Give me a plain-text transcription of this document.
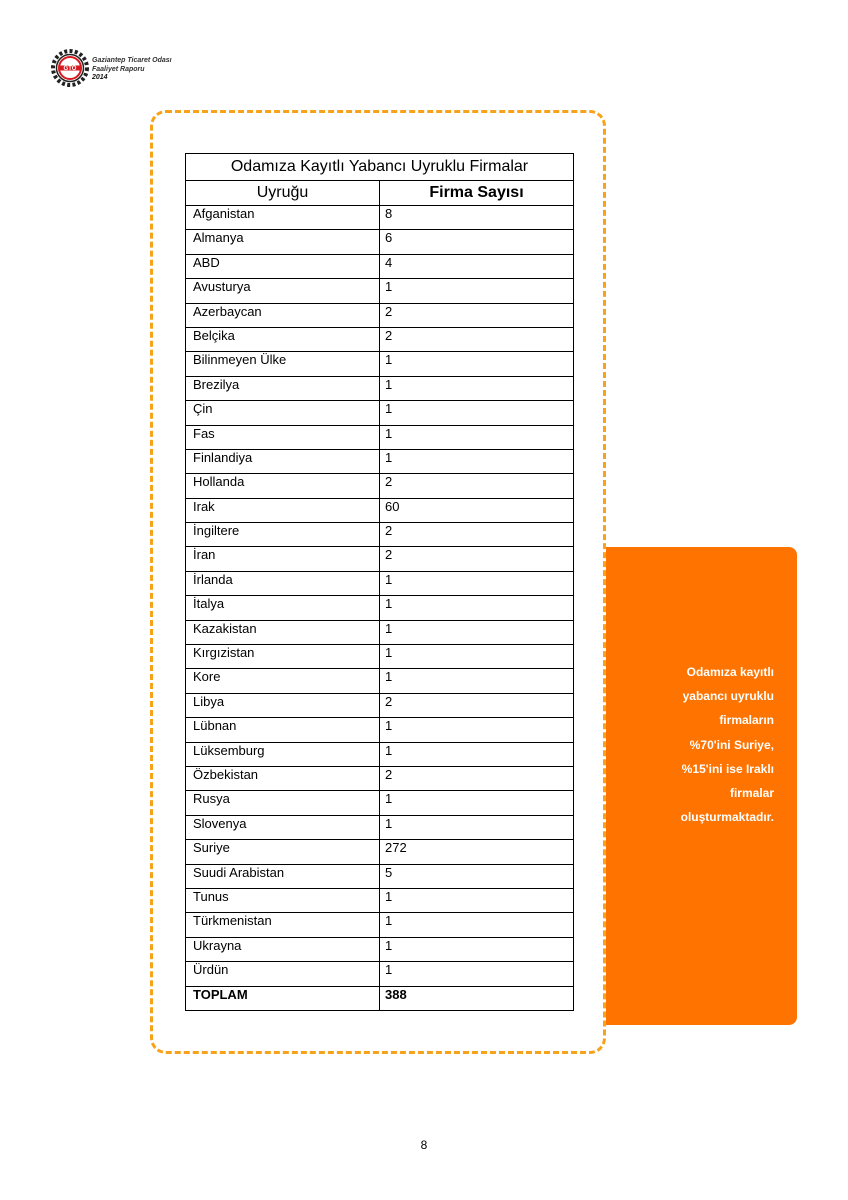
GTO
Gaziantep Ticaret Odası
Faaliyet Raporu
2014
Odamıza kayıtlı
yabancı uyruklu
firmaların
%70'ini Suriye,
%15'ini ise Iraklı
firmalar
oluşturmaktadır.
Odamıza Kayıtlı Yabancı Uyruklu Firmalar	
Uyruğu	Firma Sayısı
Afganistan	8
Almanya	6
ABD	4
Avusturya	1
Azerbaycan	2
Belçika	2
Bilinmeyen Ülke	1
Brezilya	1
Çin	1
Fas	1
Finlandiya	1
Hollanda	2
Irak	60
İngiltere	2
İran	2
İrlanda	1
İtalya	1
Kazakistan	1
Kırgızistan	1
Kore	1
Libya	2
Lübnan	1
Lüksemburg	1
Özbekistan	2
Rusya	1
Slovenya	1
Suriye	272
Suudi Arabistan	5
Tunus	1
Türkmenistan	1
Ukrayna	1
Ürdün	1
TOPLAM	388
8
